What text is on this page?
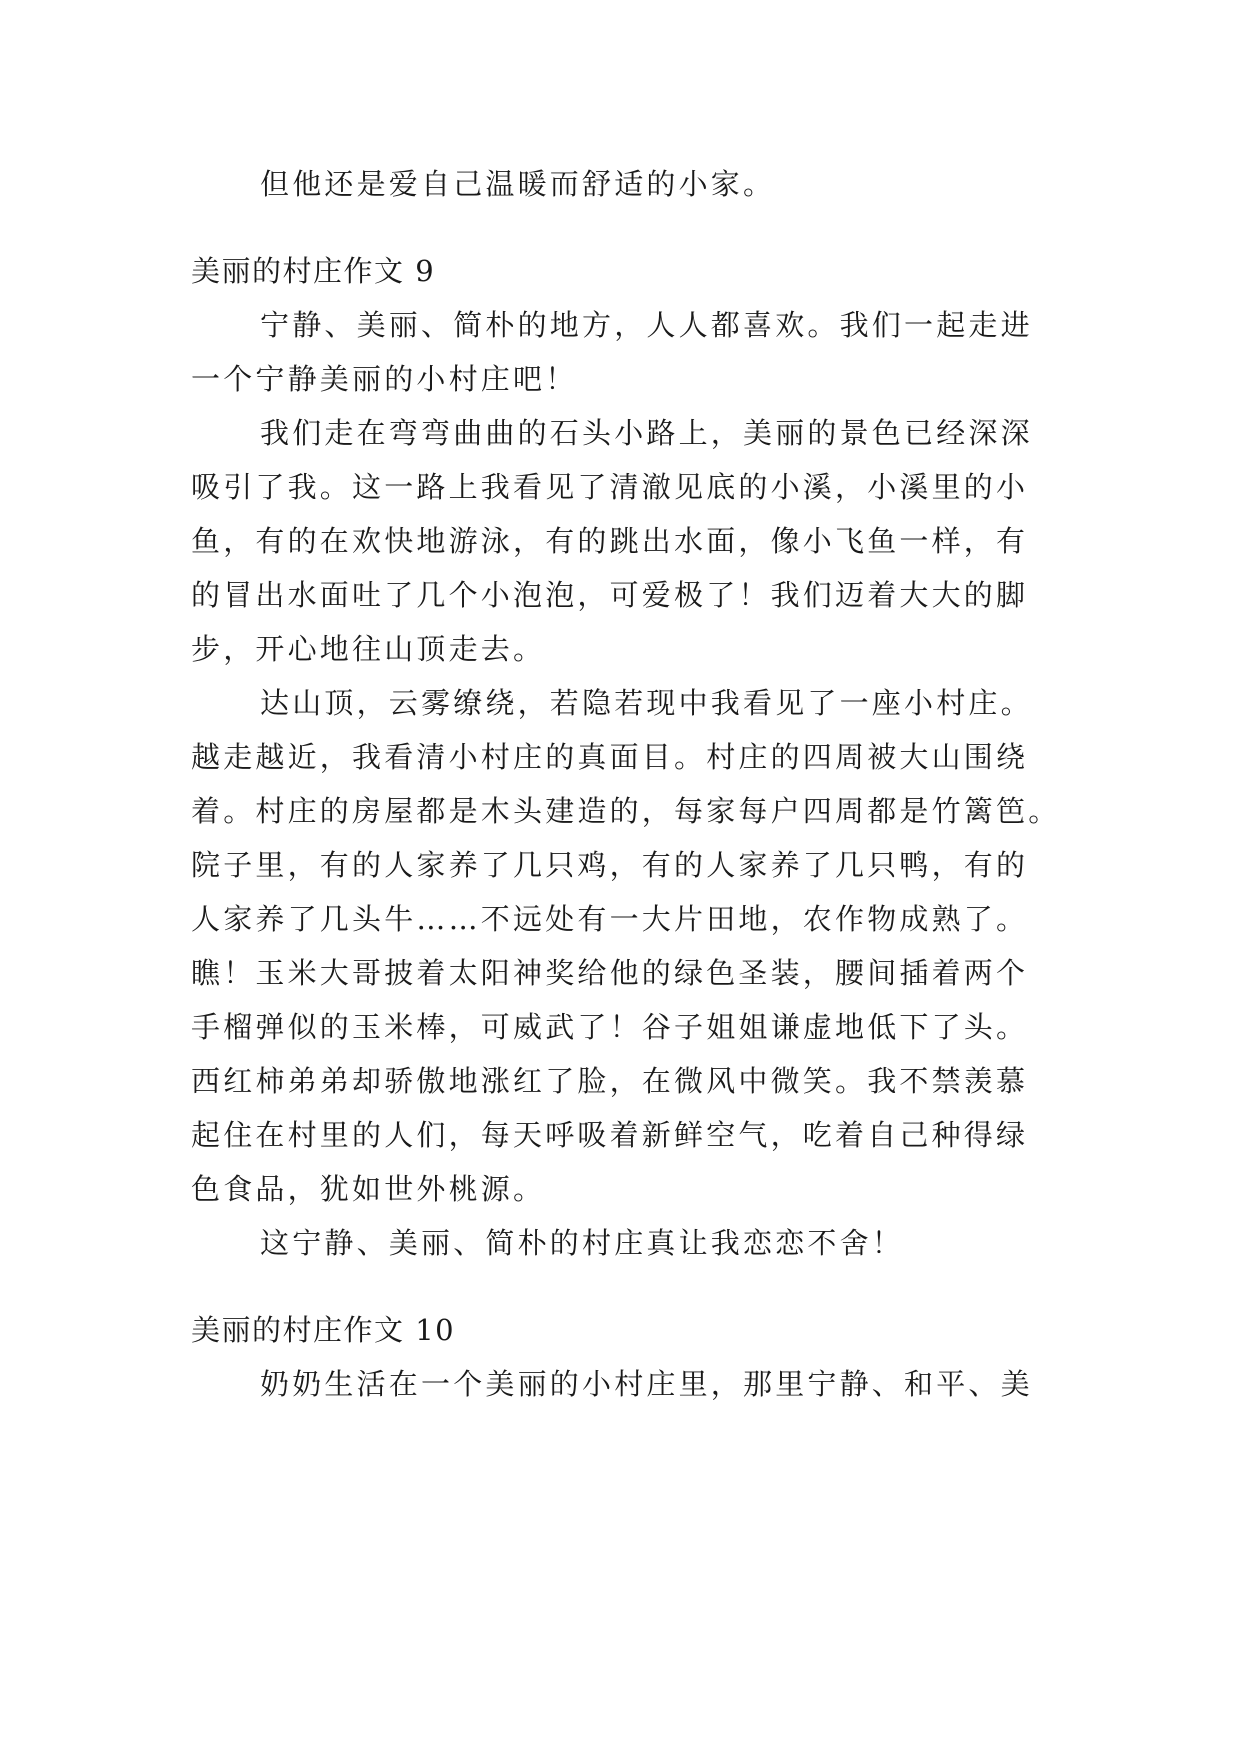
但他还是爱自己温暖而舒适的小家。
美丽的村庄作文 9
宁静、美丽、简朴的地方，人人都喜欢。我们一起走进
一个宁静美丽的小村庄吧！
我们走在弯弯曲曲的石头小路上，美丽的景色已经深深
吸引了我。这一路上我看见了清澈见底的小溪，小溪里的小
鱼，有的在欢快地游泳，有的跳出水面，像小飞鱼一样，有
的冒出水面吐了几个小泡泡，可爱极了！我们迈着大大的脚
步，开心地往山顶走去。
达山顶，云雾缭绕，若隐若现中我看见了一座小村庄。
越走越近，我看清小村庄的真面目。村庄的四周被大山围绕
着。村庄的房屋都是木头建造的，每家每户四周都是竹篱笆。
院子里，有的人家养了几只鸡，有的人家养了几只鸭，有的
人家养了几头牛……不远处有一大片田地，农作物成熟了。
瞧！玉米大哥披着太阳神奖给他的绿色圣装，腰间插着两个
手榴弹似的玉米棒，可威武了！谷子姐姐谦虚地低下了头。
西红柿弟弟却骄傲地涨红了脸，在微风中微笑。我不禁羡慕
起住在村里的人们，每天呼吸着新鲜空气，吃着自己种得绿
色食品，犹如世外桃源。
这宁静、美丽、简朴的村庄真让我恋恋不舍！
美丽的村庄作文 10
奶奶生活在一个美丽的小村庄里，那里宁静、和平、美
